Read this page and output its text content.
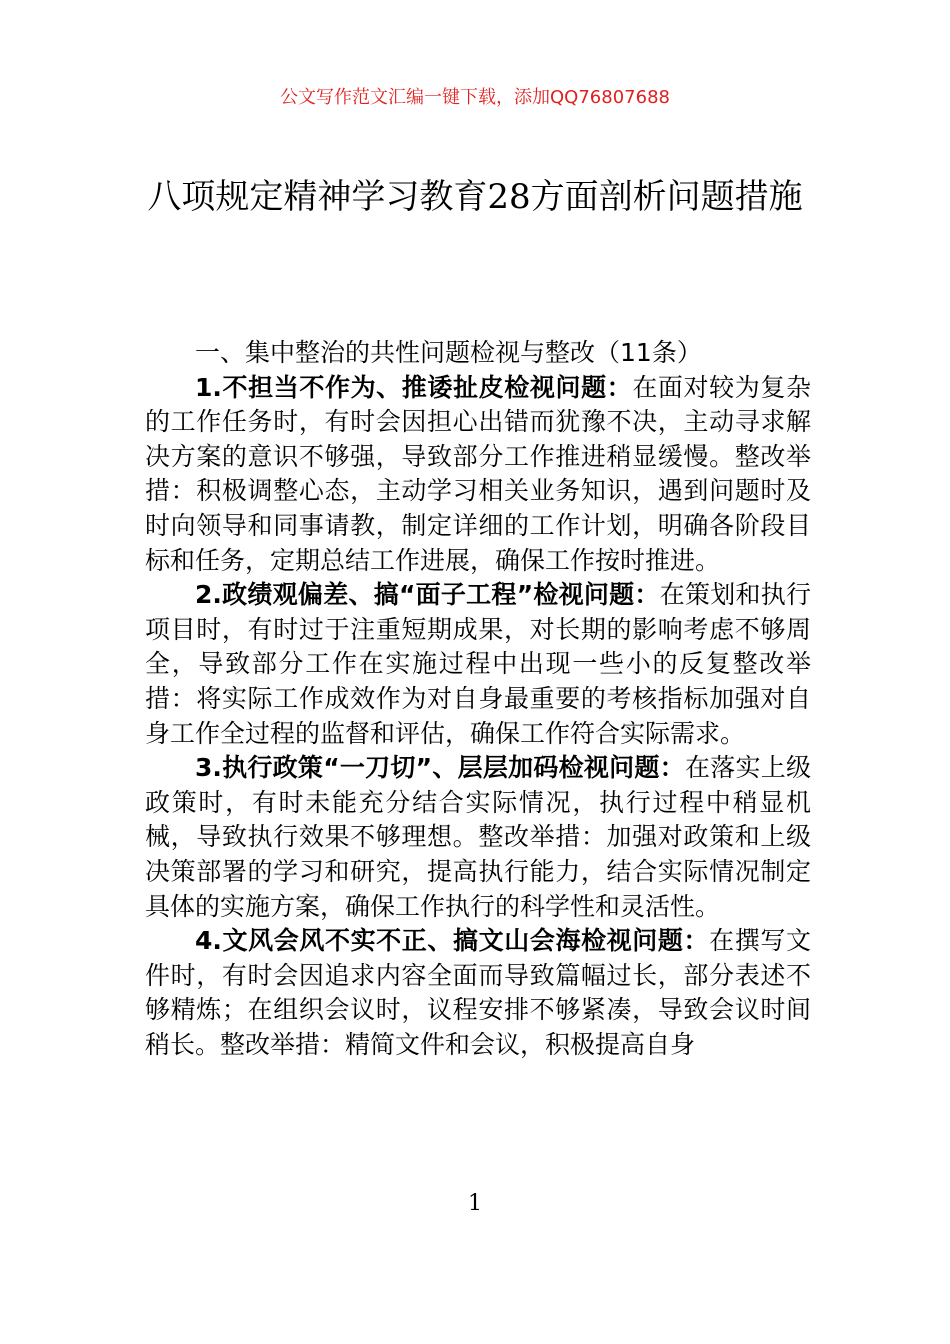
公文写作范文汇编一键下载，添加QQ76807688
八项规定精神学习教育28方面剖析问题措施

一、集中整治的共性问题检视与整改（11条）

1.不担当不作为、推诿扯皮检视问题：在面对较为复杂的工作任务时，有时会因担心出错而犹豫不决，主动寻求解决方案的意识不够强，导致部分工作推进稍显缓慢。整改举措：积极调整心态，主动学习相关业务知识，遇到问题时及时向领导和同事请教，制定详细的工作计划，明确各阶段目标和任务，定期总结工作进展，确保工作按时推进。

2.政绩观偏差、搞“面子工程”检视问题：在策划和执行项目时，有时过于注重短期成果，对长期的影响考虑不够周全，导致部分工作在实施过程中出现一些小的反复整改举措：将实际工作成效作为对自身最重要的考核指标加强对自身工作全过程的监督和评估，确保工作符合实际需求。

3.执行政策“一刀切”、层层加码检视问题：在落实上级政策时，有时未能充分结合实际情况，执行过程中稍显机械，导致执行效果不够理想。整改举措：加强对政策和上级决策部署的学习和研究，提高执行能力，结合实际情况制定具体的实施方案，确保工作执行的科学性和灵活性。

4.文风会风不实不正、搞文山会海检视问题：在撰写文件时，有时会因追求内容全面而导致篇幅过长，部分表述不够精炼；在组织会议时，议程安排不够紧凑，导致会议时间稍长。整改举措：精简文件和会议，积极提高自身

1
